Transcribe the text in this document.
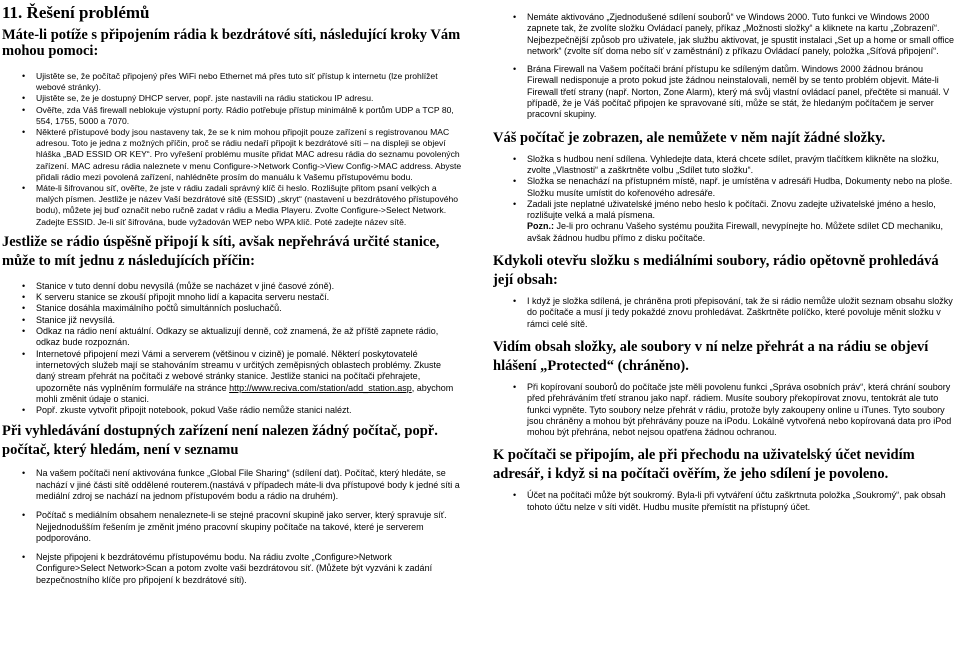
11. Řešení problémů
Máte-li potíže s připojením rádia k bezdrátové síti, následující kroky Vám mohou pomoci:
• Ujistěte se, že počítač připojený přes WiFi nebo Ethernet má přes tuto síť přístup k internetu (lze prohlížet webové stránky).
• Ujistěte se, že je dostupný DHCP server, popř. jste nastavili na rádiu statickou IP adresu.
• Ověřte, zda Váš firewall neblokuje výstupní porty. Rádio potřebuje přístup minimálně k portům UDP a TCP 80, 554, 1755, 5000 a 7070.
• Některé přístupové body jsou nastaveny tak, že se k nim mohou připojit pouze zařízení s registrovanou MAC adresou. Toto je jedna z možných příčin, proč se rádiu nedaří připojit k bezdrátové síti – na displeji se objeví hláška „BAD ESSID OR KEY“. Pro vyřešení problému musíte přidat MAC adresu rádia do seznamu povolených zařízení. MAC adresu rádia naleznete v menu Configure->Network Config->View Config->MAC address. Abyste přidali rádio mezi povolená zařízení, nahlédněte prosím do manuálu k Vašemu přístupovému bodu.
• Máte-li šifrovanou síť, ověřte, že jste v rádiu zadali správný klíč či heslo. Rozlišujte přitom psaní velkých a malých písmen. Jestliže je název Vaší bezdrátové sítě (ESSID) „skryt“ (nastavení u bezdrátového přístupového bodu), můžete jej buď označit nebo ručně zadat v rádiu a Media Playeru. Zvolte Configure->Select Network. Zadejte ESSID. Je-li síť šifrována, bude vyžadován WEP nebo WPA klíč. Poté zadejte název sítě.
Jestliže se rádio úspěšně připojí k síti, avšak nepřehrává určité stanice, může to mít jednu z následujících příčin:
• Stanice v tuto denní dobu nevysílá (může se nacházet v jiné časové zóně).
• K serveru stanice se zkouší připojit mnoho lidí a kapacita serveru nestačí.
• Stanice dosáhla maximálního počtů simultánních posluchačů.
• Stanice již nevysílá.
• Odkaz na rádio není aktuální. Odkazy se aktualizují denně, což znamená, že až příště zapnete rádio, odkaz bude rozpoznán.
• Internetové připojení mezi Vámi a serverem (většinou v cizině) je pomalé. Některí poskytovatelé internetových služeb mají se stahováním streamu v určitých zeměpisných oblastech problémy. Zkuste daný stream přehrát na počítači z webové stránky stanice. Jestliže stanici na počítači přehrajete, upozorněte nás vyplněním formuláře na stránce http://www.reciva.com/station/add_station.asp, abychom mohli změnit údaje o stanici.
• Popř. zkuste vytvořit připojit notebook, pokud Vaše rádio nemůže stanici nalézt.
Při vyhledávání dostupných zařízení není nalezen žádný počítač, popř. počítač, který hledám, není v seznamu
• Na vašem počítači není aktivována funkce „Global File Sharing“ (sdílení dat). Počítač, který hledáte, se nachází v jiné části sítě oddělené routerem.(nastává v případech máte-li dva přístupové body k jedné síti a mediální zdroj se nachází na jednom přístupovém bodu a rádio na druhém).
• Počítač s mediálním obsahem nenaleznete-li se stejné pracovní skupině jako server, který spravuje síť. Nejjednodušším řešením je změnit jméno pracovní skupiny počítače na takové, které je serverem podporováno.
• Nejste připojeni k bezdrátovému přístupovému bodu. Na rádiu zvolte „Configure>Network Configure>Select Network>Scan a potom zvolte vaši bezdrátovou síť. (Můžete být vyzváni k zadání bezpečnostního klíče pro připojení k bezdrátové síti).
• Nemáte aktivováno „Zjednodušené sdílení souborů“ ve Windows 2000. Tuto funkci ve Windows 2000 zapnete tak, že zvolíte složku Ovládací panely, příkaz „Možnosti složky“ a kliknete na kartu „Zobrazení“. Nejbezpečnější způsob pro uživatele, jak službu aktivovat, je spustit instalaci „Set up a home or small office network“ (zvolte síť doma nebo síť v zaměstnání) z příkazu Ovládací panely, položka „Síťová připojení“.
• Brána Firewall na Vašem počítači brání přístupu ke sdíleným datům. Windows 2000 žádnou bránou Firewall nedisponuje a proto pokud jste žádnou neinstalovali, neměl by se tento problém objevit. Máte-li Firewall třetí strany (např. Norton, Zone Alarm), který má svůj vlastní ovládací panel, přečtěte si manuál. V případě, že je Váš počítač připojen ke spravované síti, může se stát, že hledaným počítačem je server pracovní skupiny.
Váš počítač je zobrazen, ale nemůžete v něm najít žádné složky.
• Složka s hudbou není sdílena. Vyhledejte data, která chcete sdílet, pravým tlačítkem klikněte na složku, zvolte „Vlastnosti“ a zaškrtněte volbu „Sdílet tuto složku“.
• Složka se nenachází na přístupném místě, např. je umístěna v adresáři Hudba, Dokumenty nebo na ploše. Složku musíte umístit do kořenového adresáře.
• Zadali jste neplatné uživatelské jméno nebo heslo k počítači. Znovu zadejte uživatelské jméno a heslo, rozlišujte velká a malá písmena.
Pozn.: Je-li pro ochranu Vašeho systému použita Firewall, nevypínejte ho. Můžete sdílet CD mechaniku, avšak žádnou hudbu přímo z disku počítače.
Kdykoli otevřu složku s mediálními soubory, rádio opětovně prohledává její obsah:
• I když je složka sdílená, je chráněna proti přepisování, tak že si rádio nemůže uložit seznam obsahu složky do počítače a musí ji tedy pokaždé znovu prohledávat. Zaškrtněte políčko, které povoluje měnit složku v rámci celé sítě.
Vidím obsah složky, ale soubory v ní nelze přehrát a na rádiu se objeví hlášení „Protected“ (chráněno).
• Při kopírovaní souborů do počítače jste měli povolenu funkci „Správa osobních práv“, která chrání soubory před přehráváním třetí stranou jako např. rádiem. Musíte soubory překopírovat znovu, tentokrát ale tuto funkci vypněte. Tyto soubory nelze přehrát v rádiu, protože byly zakoupeny online u iTunes. Tyto soubory jsou chráněny a mohou být přehrávány pouze na iPodu. Lokálně vytvořená nebo kopírovaná data pro iPod mohou být přehrána, nebot nejsou opatřena žádnou ochranou.
K počítači se připojím, ale při přechodu na uživatelský účet nevidím adresář, i když si na počítači ověřím, že jeho sdílení je povoleno.
• Účet na počítači může být soukromý. Byla-li při vytváření účtu zaškrtnuta položka „Soukromý“, pak obsah tohoto účtu nelze v síti vidět. Hudbu musíte přemístit na přístupný účet.
